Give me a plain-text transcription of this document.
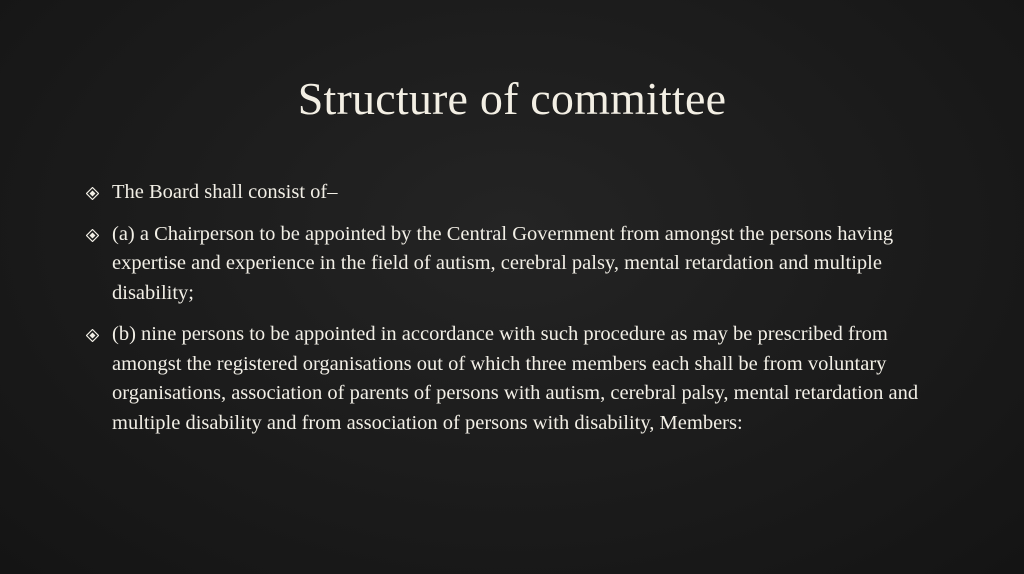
Structure of committee
The Board shall consist of–
(a) a Chairperson to be appointed by the Central Government from amongst the persons having expertise and experience in the field of autism, cerebral palsy, mental retardation and multiple disability;
(b) nine persons to be appointed in accordance with such procedure as may be prescribed from amongst the registered organisations out of which three members each shall be from voluntary organisations, association of parents of persons with autism, cerebral palsy, mental retardation and multiple disability and from association of persons with disability, Members:
